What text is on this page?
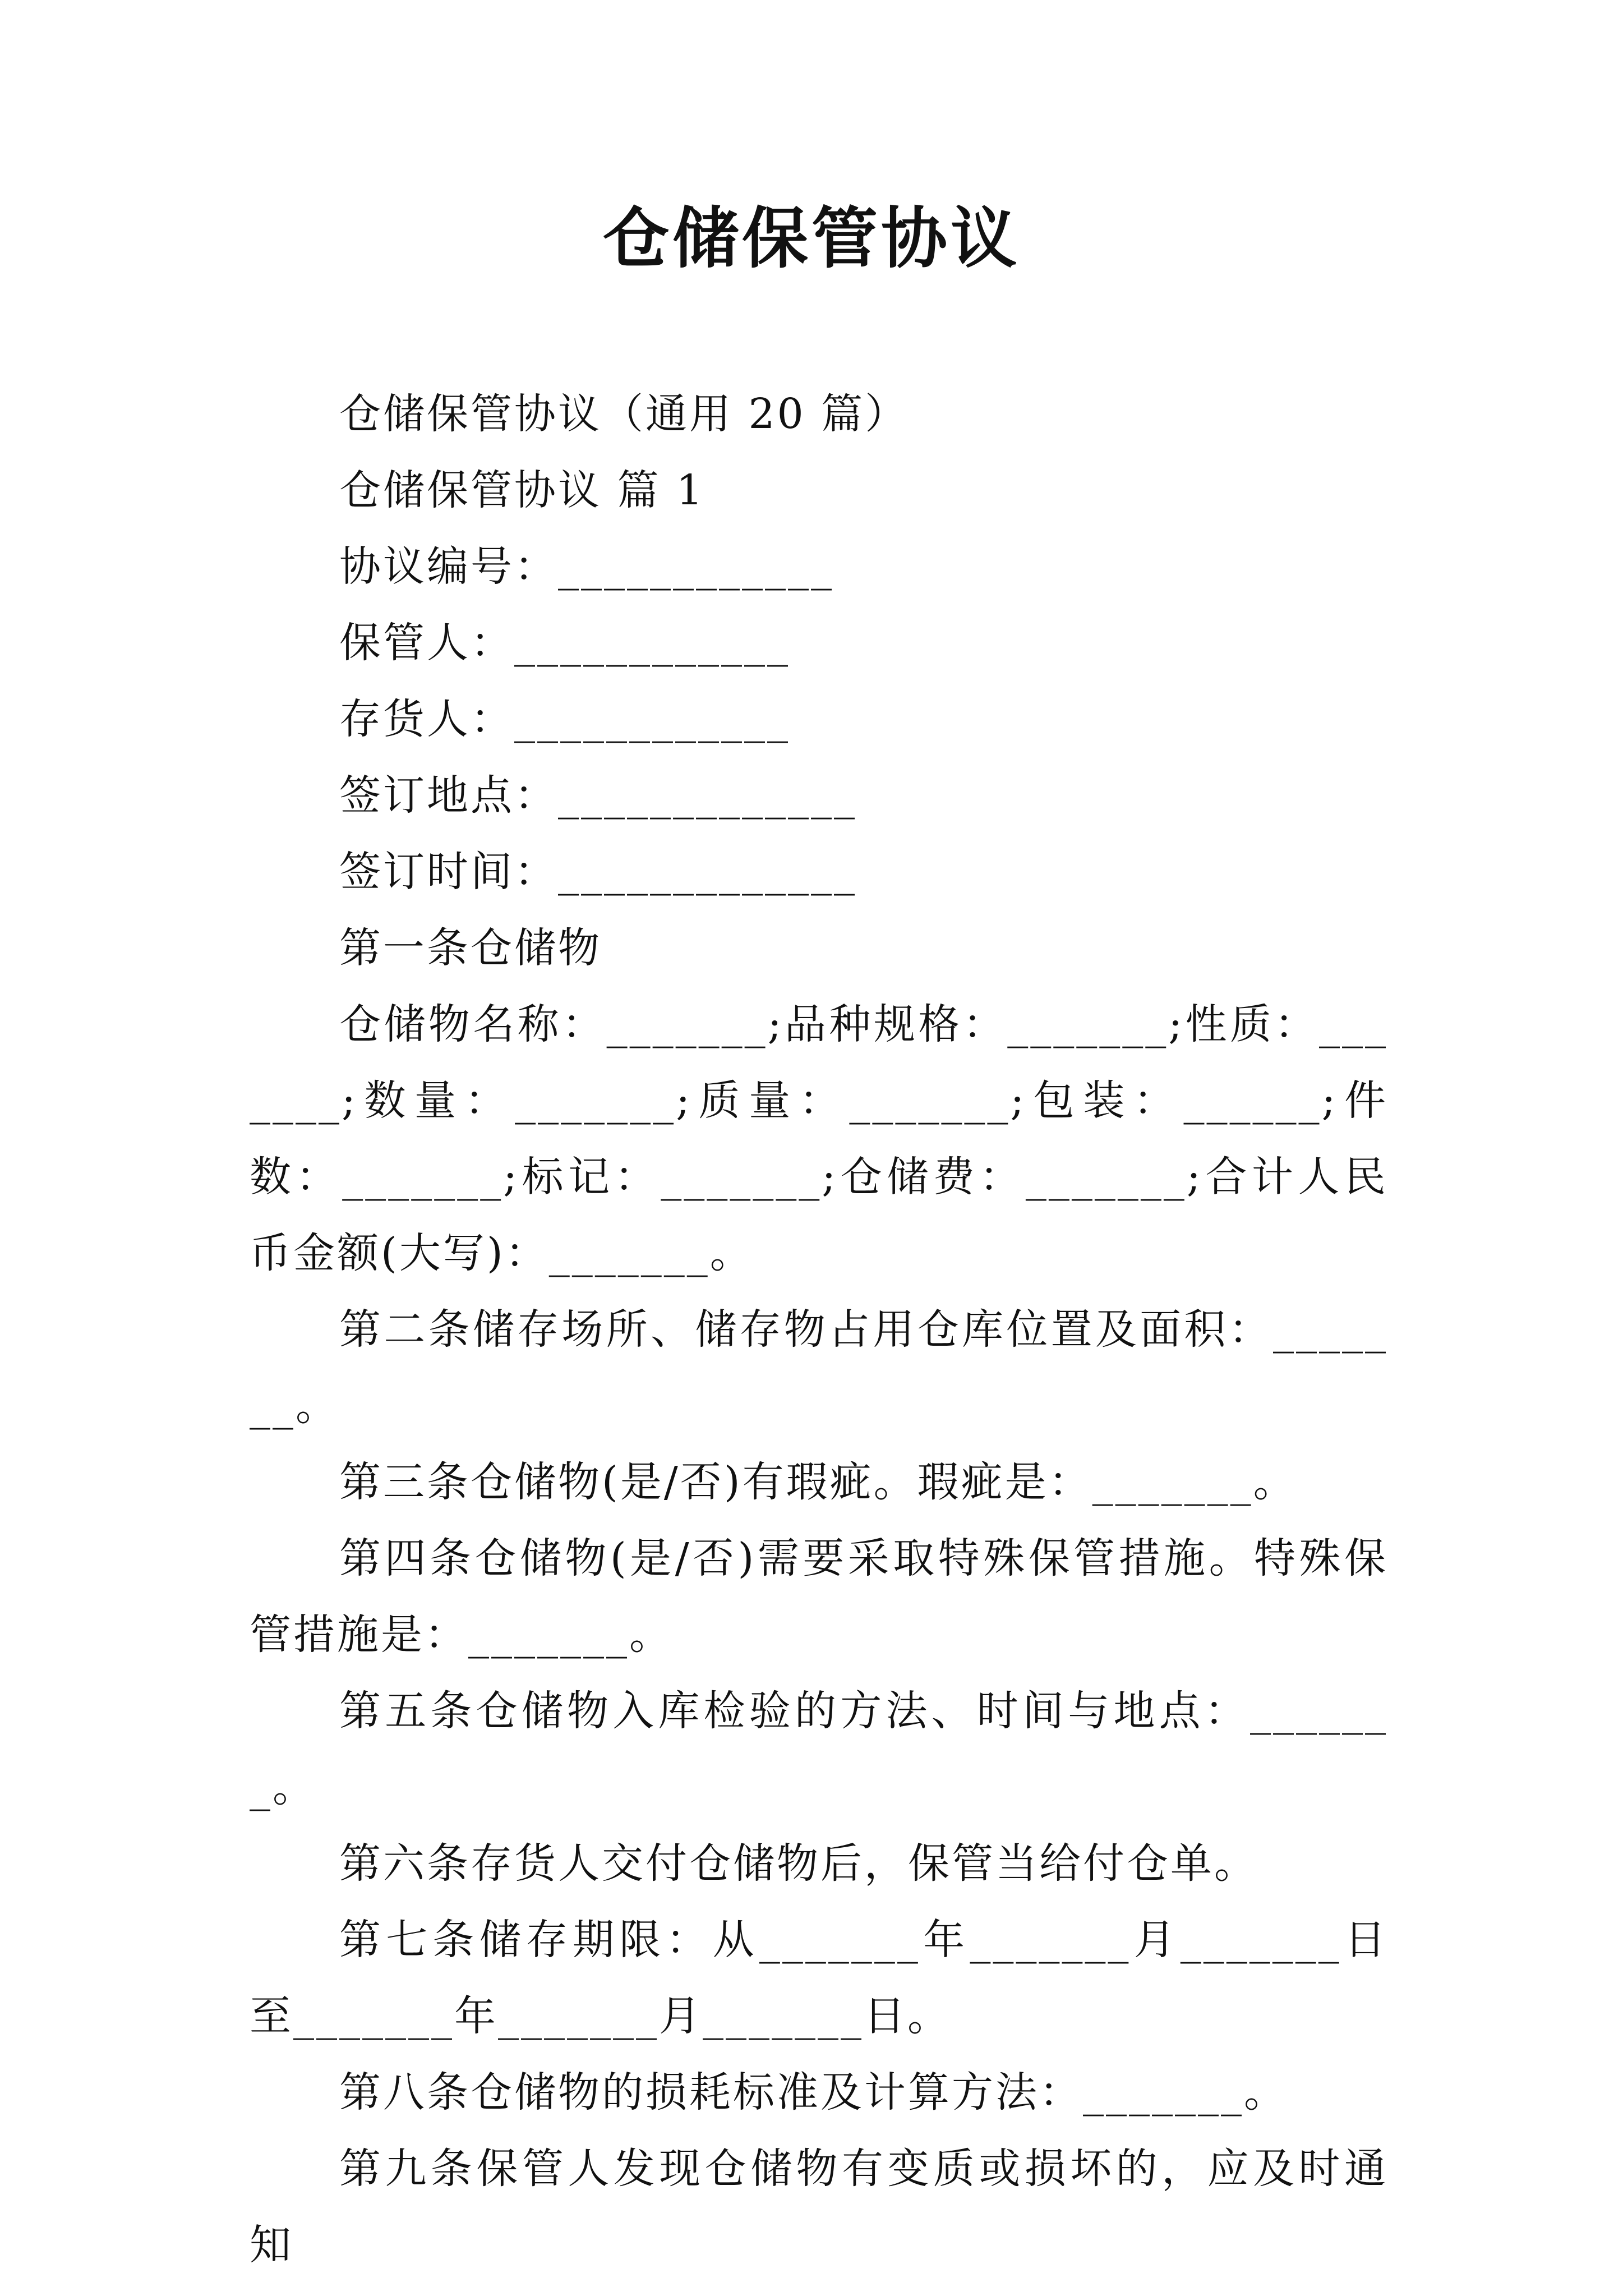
仓储保管协议

仓储保管协议（通用 20 篇）

仓储保管协议 篇 1

协议编号：____________

保管人：____________

存货人：____________

签订地点：_____________

签订时间：_____________

第一条仓储物

仓储物名称：_______;品种规格：_______;性质：_______;数量：_______;质量：_______;包装：______;件数：_______;标记：_______;仓储费：_______;合计人民币金额(大写)：_______。

第二条储存场所、储存物占用仓库位置及面积：_______。

第三条仓储物(是/否)有瑕疵。瑕疵是：_______。

第四条仓储物(是/否)需要采取特殊保管措施。特殊保管措施是：_______。

第五条仓储物入库检验的方法、时间与地点：_______。

第六条存货人交付仓储物后，保管当给付仓单。

第七条储存期限：从_______年_______月_______日至_______年_______月_______日。

第八条仓储物的损耗标准及计算方法：_______。

第九条保管人发现仓储物有变质或损坏的，应及时通知
